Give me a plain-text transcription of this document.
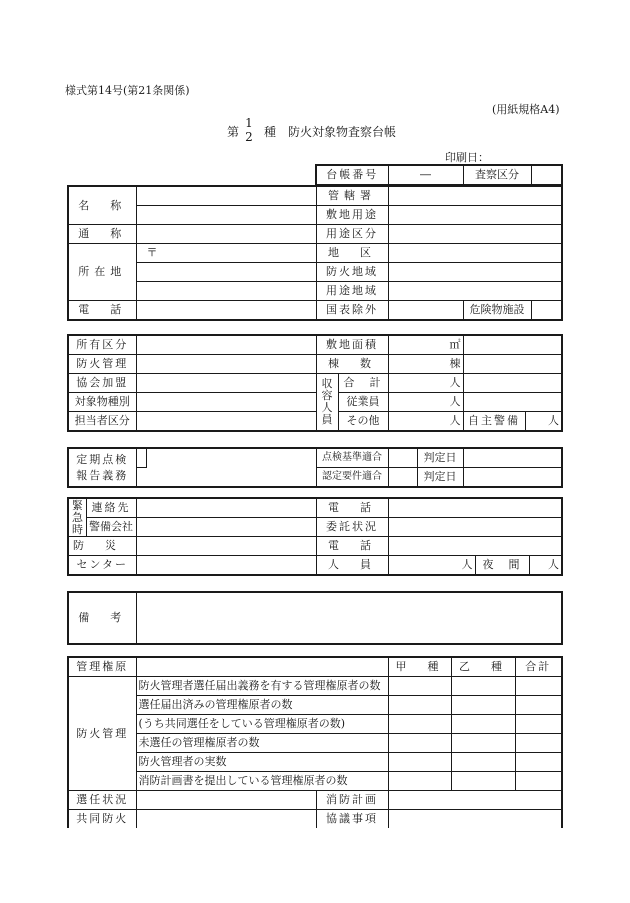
様式第14号(第21条関係)
(用紙規格A4)
第
1
2 種　防火対象物査察台帳
印刷日：
台帳番号	―	査察区分	
名　称		管轄署			
		敷地用途			
通　称		用途区分			
所在地	〒	地　区			
		防火地域			
		用途地域			
電　話		国表除外		危険物施設	
所有区分		敷地面積		㎡		
防火管理		棟　数		棟		
協会加盟		収容人員	合　計	人		
対象物種別			従業員	人		
担当者区分			その他	人	自主警備	人
定期点検
報告義務			点検基準適合		判定日	
			認定要件適合		判定日	
緊急時	連絡先		電　話			
	警備会社		委託状況			
防　災			電　話			
センター			人　員	人	夜　間	人
備　考	
管理権原			甲　種	乙　種	合計
防火管理	防火管理者選任届出義務を有する管理権原者の数				
	選任届出済みの管理権原者の数				
	(うち共同選任をしている管理権原者の数)				
	未選任の管理権原者の数				
	防火管理者の実数				
	消防計画書を提出している管理権原者の数				
選任状況		消防計画			
共同防火		協議事項			
